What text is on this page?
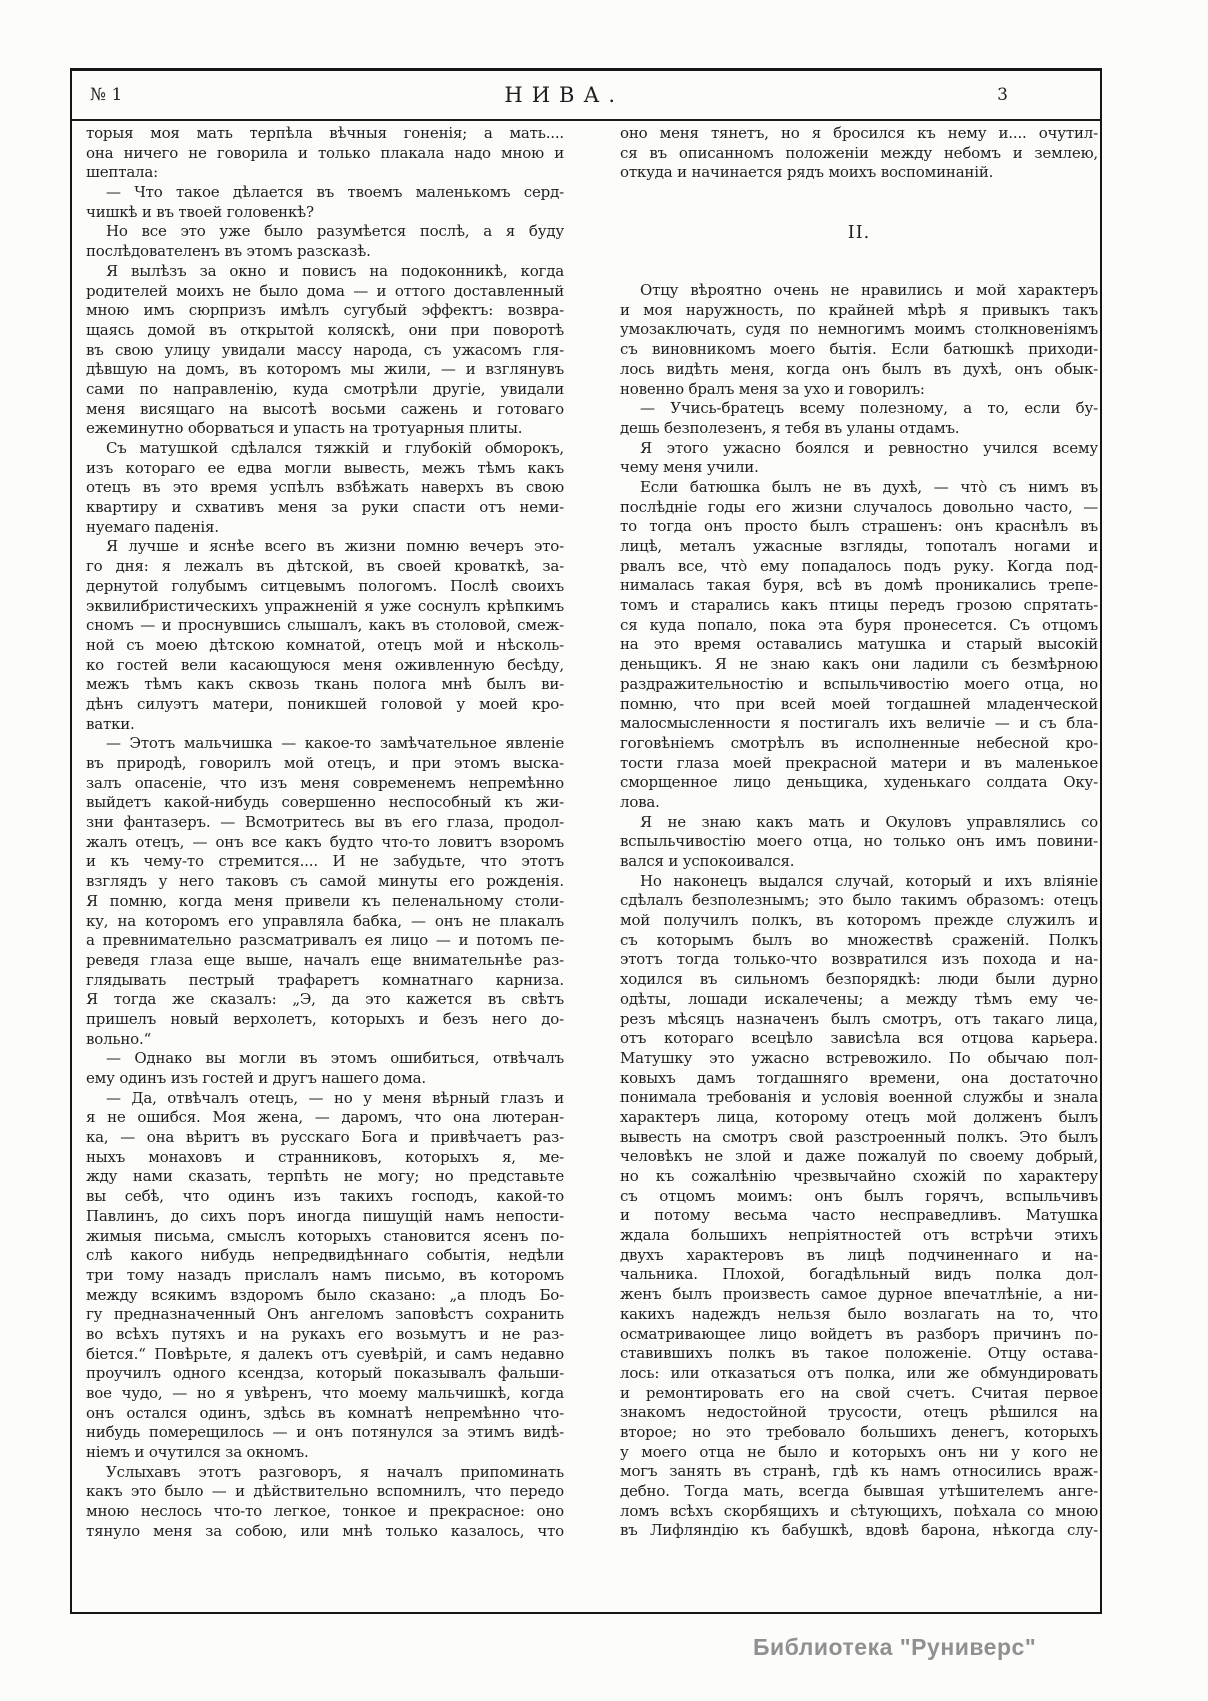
№ 1	НИВА.	3
торыя моя мать терпѣла вѣчныя гоненія; а мать....
она ничего не говорила и только плакала надо мною и
шептала:
— Что такое дѣлается въ твоемъ маленькомъ серд-
чишкѣ и въ твоей головенкѣ?
Но все это уже было разумѣется послѣ, а я буду
послѣдователенъ въ этомъ разсказѣ.
Я вылѣзъ за окно и повисъ на подоконникѣ, когда
родителей моихъ не было дома — и оттого доставленный
мною имъ сюрпризъ имѣлъ сугубый эффектъ: возвра-
щаясь домой въ открытой коляскѣ, они при поворотѣ
въ свою улицу увидали массу народа, съ ужасомъ гля-
дѣвшую на домъ, въ которомъ мы жили, — и взглянувъ
сами по направленію, куда смотрѣли другіе, увидали
меня висящаго на высотѣ восьми сажень и готоваго
ежеминутно оборваться и упасть на тротуарныя плиты.
Съ матушкой сдѣлался тяжкій и глубокій обморокъ,
изъ котораго ее едва могли вывесть, межъ тѣмъ какъ
отецъ въ это время успѣлъ взбѣжать наверхъ въ свою
квартиру и схвативъ меня за руки спасти отъ неми-
нуемаго паденія.
Я лучше и яснѣе всего въ жизни помню вечеръ это-
го дня: я лежалъ въ дѣтской, въ своей кроваткѣ, за-
дернутой голубымъ ситцевымъ пологомъ. Послѣ своихъ
эквилибристическихъ упражненій я уже соснулъ крѣпкимъ
сномъ — и проснувшись слышалъ, какъ въ столовой, смеж-
ной съ моею дѣтскою комнатой, отецъ мой и нѣсколь-
ко гостей вели касающуюся меня оживленную бесѣду,
межъ тѣмъ какъ сквозь ткань полога мнѣ былъ ви-
дѣнъ силуэтъ матери, поникшей головой у моей кро-
ватки.
— Этотъ мальчишка — какое-то замѣчательное явленіе
въ природѣ, говорилъ мой отецъ, и при этомъ выска-
залъ опасеніе, что изъ меня современемъ непремѣнно
выйдетъ какой-нибудь совершенно неспособный къ жи-
зни фантазеръ. — Всмотритесь вы въ его глаза, продол-
жалъ отецъ, — онъ все какъ будто что-то ловитъ взоромъ
и къ чему-то стремится.... И не забудьте, что этотъ
взглядъ у него таковъ съ самой минуты его рожденія.
Я помню, когда меня привели къ пеленальному столи-
ку, на которомъ его управляла бабка, — онъ не плакалъ
а превнимательно разсматривалъ ея лицо — и потомъ пе-
реведя глаза еще выше, началъ еще внимательнѣе раз-
глядывать пестрый трафаретъ комнатнаго карниза.
Я тогда же сказалъ: „Э, да это кажется въ свѣтъ
пришелъ новый верхолетъ, которыхъ и безъ него до-
вольно.“
— Однако вы могли въ этомъ ошибиться, отвѣчалъ
ему одинъ изъ гостей и другъ нашего дома.
— Да, отвѣчалъ отецъ, — но у меня вѣрный глазъ и
я не ошибся. Моя жена, — даромъ, что она лютеран-
ка, — она вѣритъ въ русскаго Бога и привѣчаетъ раз-
ныхъ монаховъ и странниковъ, которыхъ я, ме-
жду нами сказать, терпѣть не могу; но представьте
вы себѣ, что одинъ изъ такихъ господъ, какой-то
Павлинъ, до сихъ поръ иногда пишущій намъ непости-
жимыя письма, смыслъ которыхъ становится ясенъ по-
слѣ какого нибудь непредвидѣннаго событія, недѣли
три тому назадъ прислалъ намъ письмо, въ которомъ
между всякимъ вздоромъ было сказано: „а плодъ Бо-
гу предназначенный Онъ ангеломъ заповѣстъ сохранить
во всѣхъ путяхъ и на рукахъ его возьмутъ и не раз-
біется.“ Повѣрьте, я далекъ отъ суевѣрій, и самъ недавно
проучилъ одного ксендза, который показывалъ фальши-
вое чудо, — но я увѣренъ, что моему мальчишкѣ, когда
онъ остался одинъ, здѣсь въ комнатѣ непремѣнно что-
нибудь померещилось — и онъ потянулся за этимъ видѣ-
ніемъ и очутился за окномъ.
Услыхавъ этотъ разговоръ, я началъ припоминать
какъ это было — и дѣйствительно вспомнилъ, что передо
мною неслось что-то легкое, тонкое и прекрасное: оно
тянуло меня за собою, или мнѣ только казалось, что
оно меня тянетъ, но я бросился къ нему и.... очутил-
ся въ описанномъ положеніи между небомъ и землею,
откуда и начинается рядъ моихъ воспоминаній.
II.
Отцу вѣроятно очень не нравились и мой характеръ
и моя наружность, по крайней мѣрѣ я привыкъ такъ
умозаключать, судя по немногимъ моимъ столкновеніямъ
съ виновникомъ моего бытія. Если батюшкѣ приходи-
лось видѣть меня, когда онъ былъ въ духѣ, онъ обык-
новенно бралъ меня за ухо и говорилъ:
— Учись-братецъ всему полезному, а то, если бу-
дешь безполезенъ, я тебя въ уланы отдамъ.
Я этого ужасно боялся и ревностно учился всему
чему меня учили.
Если батюшка былъ не въ духѣ, — что̀ съ нимъ въ
послѣдніе годы его жизни случалось довольно часто, —
то тогда онъ просто былъ страшенъ: онъ краснѣлъ въ
лицѣ, металъ ужасные взгляды, топоталъ ногами и
рвалъ все, что̀ ему попадалось подъ руку. Когда под-
нималась такая буря, всѣ въ домѣ проникались трепе-
томъ и старались какъ птицы передъ грозою спрятать-
ся куда попало, пока эта буря пронесется. Съ отцомъ
на это время оставались матушка и старый высокій
деньщикъ. Я не знаю какъ они ладили съ безмѣрною
раздражительностію и вспыльчивостію моего отца, но
помню, что при всей моей тогдашней младенческой
малосмысленности я постигалъ ихъ величіе — и съ бла-
гоговѣніемъ смотрѣлъ въ исполненные небесной кро-
тости глаза моей прекрасной матери и въ маленькое
сморщенное лицо деньщика, худенькаго солдата Оку-
лова.
Я не знаю какъ мать и Окуловъ управлялись со
вспыльчивостію моего отца, но только онъ имъ повини-
вался и успокоивался.
Но наконецъ выдался случай, который и ихъ вліяніе
сдѣлалъ безполезнымъ; это было такимъ образомъ: отецъ
мой получилъ полкъ, въ которомъ прежде служилъ и
съ которымъ былъ во множествѣ сраженій. Полкъ
этотъ тогда только-что возвратился изъ похода и на-
ходился въ сильномъ безпорядкѣ: люди были дурно
одѣты, лошади искалечены; а между тѣмъ ему че-
резъ мѣсяцъ назначенъ былъ смотръ, отъ такаго лица,
отъ котораго всецѣло зависѣла вся отцова карьера.
Матушку это ужасно встревожило. По обычаю пол-
ковыхъ дамъ тогдашняго времени, она достаточно
понимала требованія и условія военной службы и знала
характеръ лица, которому отецъ мой долженъ былъ
вывесть на смотръ свой разстроенный полкъ. Это былъ
человѣкъ не злой и даже пожалуй по своему добрый,
но къ сожалѣнію чрезвычайно схожій по характеру
съ отцомъ моимъ: онъ былъ горячъ, вспыльчивъ
и потому весьма часто несправедливъ. Матушка
ждала большихъ непріятностей отъ встрѣчи этихъ
двухъ характеровъ въ лицѣ подчиненнаго и на-
чальника. Плохой, богадѣльный видъ полка дол-
женъ былъ произвесть самое дурное впечатлѣніе, а ни-
какихъ надеждъ нельзя было возлагать на то, что
осматривающее лицо войдетъ въ разборъ причинъ по-
ставившихъ полкъ въ такое положеніе. Отцу остава-
лось: или отказаться отъ полка, или же обмундировать
и ремонтировать его на свой счетъ. Считая первое
знакомъ недостойной трусости, отецъ рѣшился на
второе; но это требовало большихъ денегъ, которыхъ
у моего отца не было и которыхъ онъ ни у кого не
могъ занять въ странѣ, гдѣ къ намъ относились враж-
дебно. Тогда мать, всегда бывшая утѣшителемъ анге-
ломъ всѣхъ скорбящихъ и сѣтующихъ, поѣхала со мною
въ Лифляндію къ бабушкѣ, вдовѣ барона, нѣкогда слу-
Библиотека "Руниверс"
